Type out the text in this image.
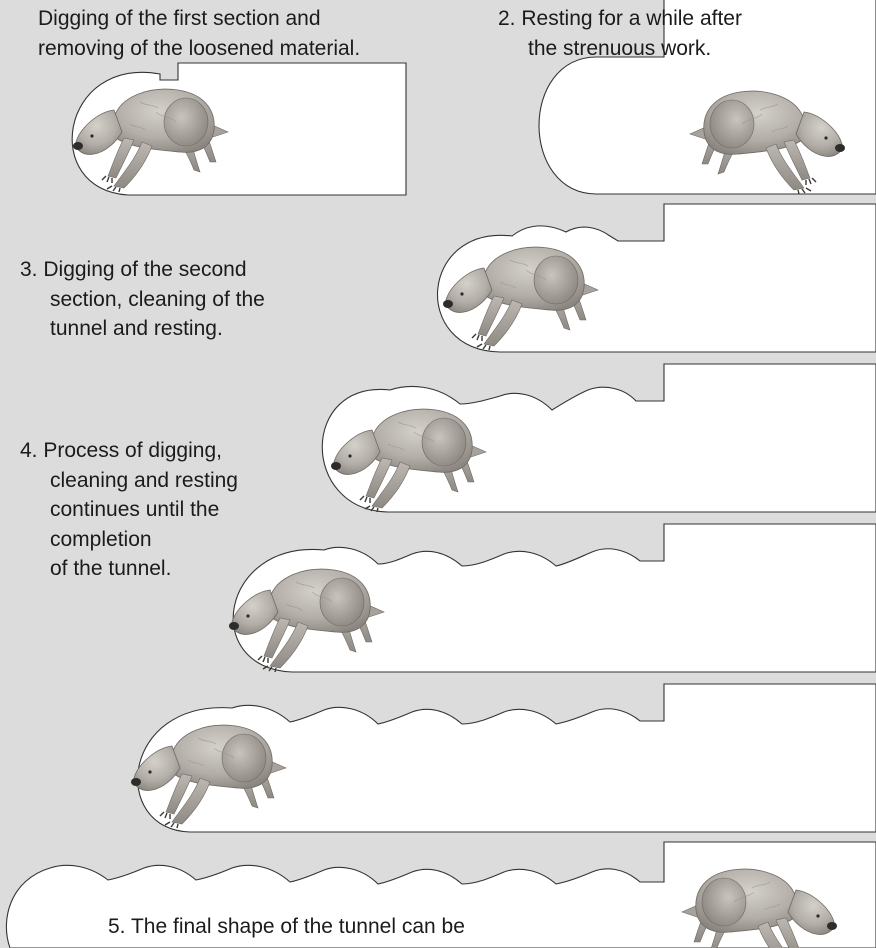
Digging of the first section and
removing of the loosened material.

2. Resting for a while after
the strenuous work.

3. Digging of the second
section, cleaning of the
tunnel and resting.

4. Process of digging,
cleaning and resting
continues until the
completion
of the tunnel.

5. The final shape of the tunnel can be
